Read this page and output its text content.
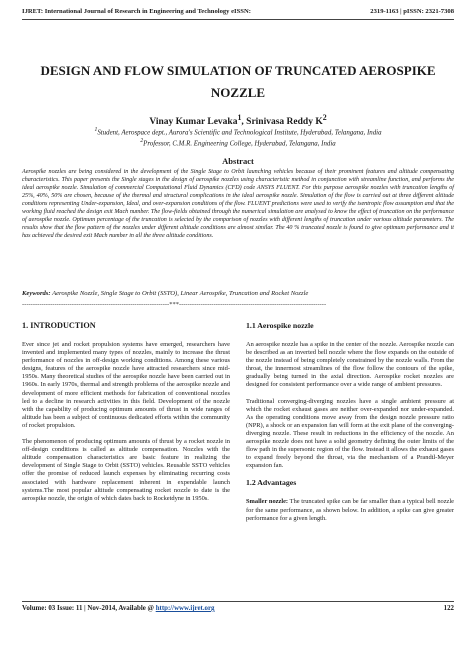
IJRET: International Journal of Research in Engineering and Technology eISSN:	2319-1163 | pISSN: 2321-7308
DESIGN AND FLOW SIMULATION OF TRUNCATED AEROSPIKE
NOZZLE
Vinay Kumar Levaka$^1$, Srinivasa Reddy $K^2$
$^1$Student, Aerospace dept., Aurora's Scientific and Technological Institute, Hyderabad, Telangana, India
$^2$Professor, C.M.R. Engineering College, Hyderabad, Telangana, India
Abstract
Aerospike nozzles are being considered in the development of the Single Stage to Orbit launching vehicles because of their prominent features and altitude compensating characteristics. This paper presents the Single stages in the design of aerospike nozzles using characteristic method in conjunction with streamline function, and performs the ideal aerospike nozzle. Simulation of commercial Computational Fluid Dynamics (CFD) code ANSYS FLUENT. For this purpose aerospike nozzles with truncation lengths of 25%, 40%, 50% are chosen, because of the thermal and structural complications in the ideal aerospike nozzle. Simulation of the flow is carried out at three different altitude conditions representing Under-expansion, Ideal, and over-expansion conditions of the flow. FLUENT predictions were used to verify the isentropic flow assumption and that the working fluid reached the design exit Mach number. The flow-fields obtained through the numerical simulation are analysed to know the effect of truncation on the performance of aerospike nozzle. Optimum percentage of the truncation is selected by the comparison of nozzles with different lengths of truncation under various altitude parameters. The results show that the flow pattern of the nozzles under different altitude conditions are almost similar. The 40 % truncated nozzle is found to give optimum performance and it has achieved the desired exit Mach number in all the three altitude conditions.
Keywords: Aerospike Nozzle, Single Stage to Orbit (SSTO), Linear Aerospike, Truncation and Rocket Nozzle
--------------------------------------------------------------------***--------------------------------------------------------------------
1. INTRODUCTION
Ever since jet and rocket propulsion systems have emerged, researchers have invented and implemented many types of nozzles, mainly to increase the thrust performance of nozzles in off-design working conditions. Among these various designs, features of the aerospike nozzle have attracted researchers since mid-1950s. Many theoretical studies of the aerospike nozzle have been carried out in 1960s. In early 1970s, thermal and strength problems of the aerospike nozzle and development of more efficient methods for fabrication of conventional nozzles led to a decline in research activities in this field. Development of the nozzle with the capability of producing optimum amounts of thrust in wide ranges of altitude has been a subject of continuous dedicated efforts within the community of rocket propulsion.
The phenomenon of producing optimum amounts of thrust by a rocket nozzle in off-design conditions is called as altitude compensation. Nozzles with the altitude compensation characteristics are basic feature in realizing the development of Single Stage to Orbit (SSTO) vehicles. Reusable SSTO vehicles offer the promise of reduced launch expenses by eliminating recurring costs associated with hardware replacement inherent in expendable launch systems.The most popular altitude compensating rocket nozzle to date is the aerospike nozzle, the origin of which dates back to Rocketdyne in 1950s.
1.1 Aerospike nozzle
An aerospike nozzle has a spike in the center of the nozzle. Aerospike nozzle can be described as an inverted bell nozzle where the flow expands on the outside of the nozzle instead of being completely constrained by the nozzle walls. From the throat, the innermost streamlines of the flow follow the contours of the spike, gradually being turned in the axial direction. Aerospike rocket nozzles are designed for consistent performance over a wide range of ambient pressures.
Traditional converging-diverging nozzles have a single ambient pressure at which the rocket exhaust gases are neither over-expanded nor under-expanded. As the operating conditions move away from the design nozzle pressure ratio (NPR), a shock or an expansion fan will form at the exit plane of the converging-diverging nozzle. These result in reductions in the efficiency of the nozzle. An aerospike nozzle does not have a solid geometry defining the outer limits of the flow path in the supersonic region of the flow. Instead it allows the exhaust gases to expand freely beyond the throat, via the mechanism of a Prandtl-Meyer expansion fan.
1.2 Advantages
Smaller nozzle: The truncated spike can be far smaller than a typical bell nozzle for the same performance, as shown below. In addition, a spike can give greater performance for a given length.
Volume: 03 Issue: 11 | Nov-2014, Available @ http://www.ijret.org	122
